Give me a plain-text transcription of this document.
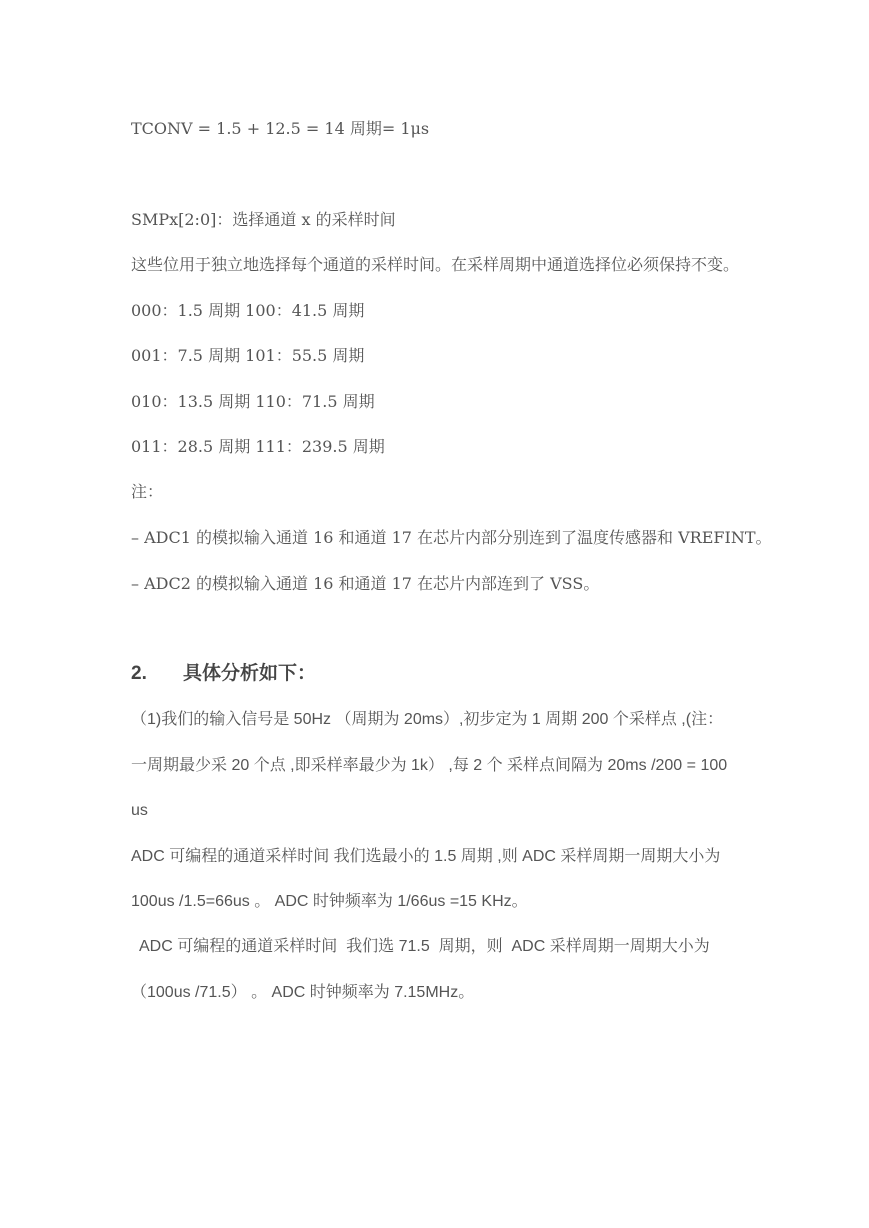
TCONV = 1.5 + 12.5 = 14 周期= 1μs
SMPx[2:0]：选择通道 x 的采样时间
这些位用于独立地选择每个通道的采样时间。在采样周期中通道选择位必须保持不变。
000：1.5 周期 100：41.5 周期
001：7.5 周期 101：55.5 周期
010：13.5 周期 110：71.5 周期
011：28.5 周期 111：239.5 周期
注：
– ADC1 的模拟输入通道 16 和通道 17 在芯片内部分别连到了温度传感器和 VREFINT。
– ADC2 的模拟输入通道 16 和通道 17 在芯片内部连到了 VSS。
2. 具体分析如下：
（1)我们的输入信号是 50Hz （周期为 20ms）,初步定为 1 周期 200 个采样点 ,(注：
一周期最少采 20 个点 ,即采样率最少为 1k） ,每 2 个 采样点间隔为 20ms /200 = 100
us
ADC 可编程的通道采样时间 我们选最小的 1.5 周期 ,则 ADC 采样周期一周期大小为
100us /1.5=66us 。 ADC 时钟频率为 1/66us =15 KHz。
ADC 可编程的通道采样时间  我们选 71.5  周期，则  ADC 采样周期一周期大小为
（100us /71.5） 。 ADC 时钟频率为 7.15MHz。
